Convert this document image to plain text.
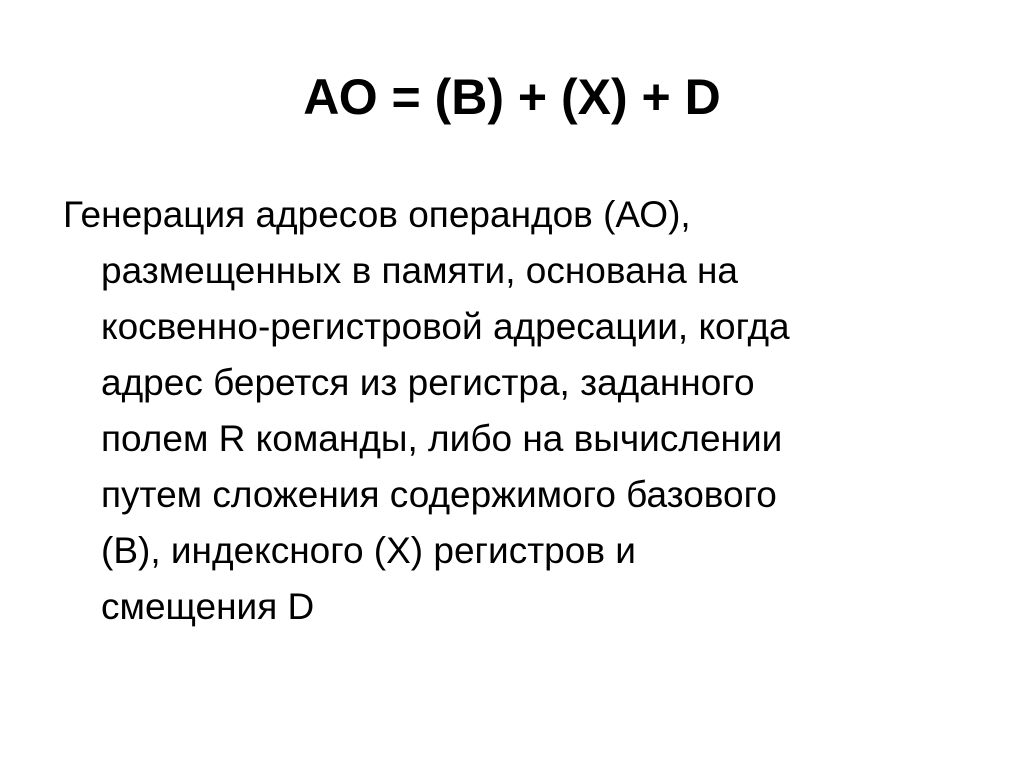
АО = (В) + (X) + D
Генерация адресов операндов (АО),
размещенных в памяти, основана на
косвенно-регистровой адресации, когда
адрес берется из регистра, заданного
полем R команды, либо на вычислении
путем сложения содержимого базового
(В), индексного (X) регистров и
смещения D
